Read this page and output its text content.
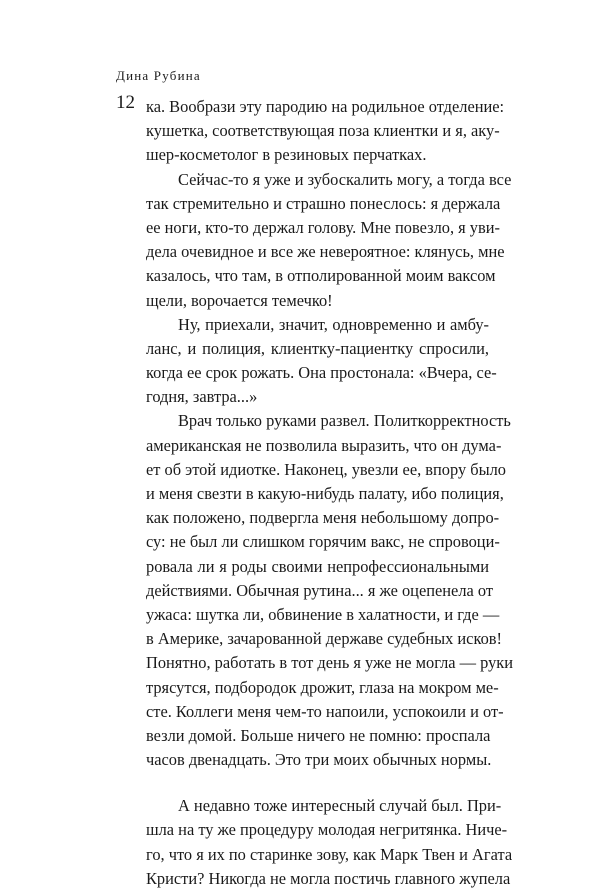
Дина Рубина
12 ка. Вообрази эту пародию на родильное отделение:
кушетка, соответствующая поза клиентки и я, аку-
шер-косметолог в резиновых перчатках.
Сейчас-то я уже и зубоскалить могу, а тогда все
так стремительно и страшно понеслось: я держала
ее ноги, кто-то держал голову. Мне повезло, я уви-
дела очевидное и все же невероятное: клянусь, мне
казалось, что там, в отполированной моим ваксом
щели, ворочается темечко!
Ну, приехали, значит, одновременно и амбу-
ланс, и полиция, клиентку-пациентку спросили,
когда ее срок рожать. Она простонала: «Вчера, се-
годня, завтра...»
Врач только руками развел. Политкорректность
американская не позволила выразить, что он дума-
ет об этой идиотке. Наконец, увезли ее, впору было
и меня свезти в какую-нибудь палату, ибо полиция,
как положено, подвергла меня небольшому допро-
су: не был ли слишком горячим вакс, не спровоци-
ровала ли я роды своими непрофессиональными
действиями. Обычная рутина... я же оцепенела от
ужаса: шутка ли, обвинение в халатности, и где —
в Америке, зачарованной державе судебных исков!
Понятно, работать в тот день я уже не могла — руки
трясутся, подбородок дрожит, глаза на мокром ме-
сте. Коллеги меня чем-то напоили, успокоили и от-
везли домой. Больше ничего не помню: проспала
часов двенадцать. Это три моих обычных нормы.
А недавно тоже интересный случай был. При-
шла на ту же процедуру молодая негритянка. Ниче-
го, что я их по старинке зову, как Марк Твен и Агата
Кристи? Никогда не могла постичь главного жупела
